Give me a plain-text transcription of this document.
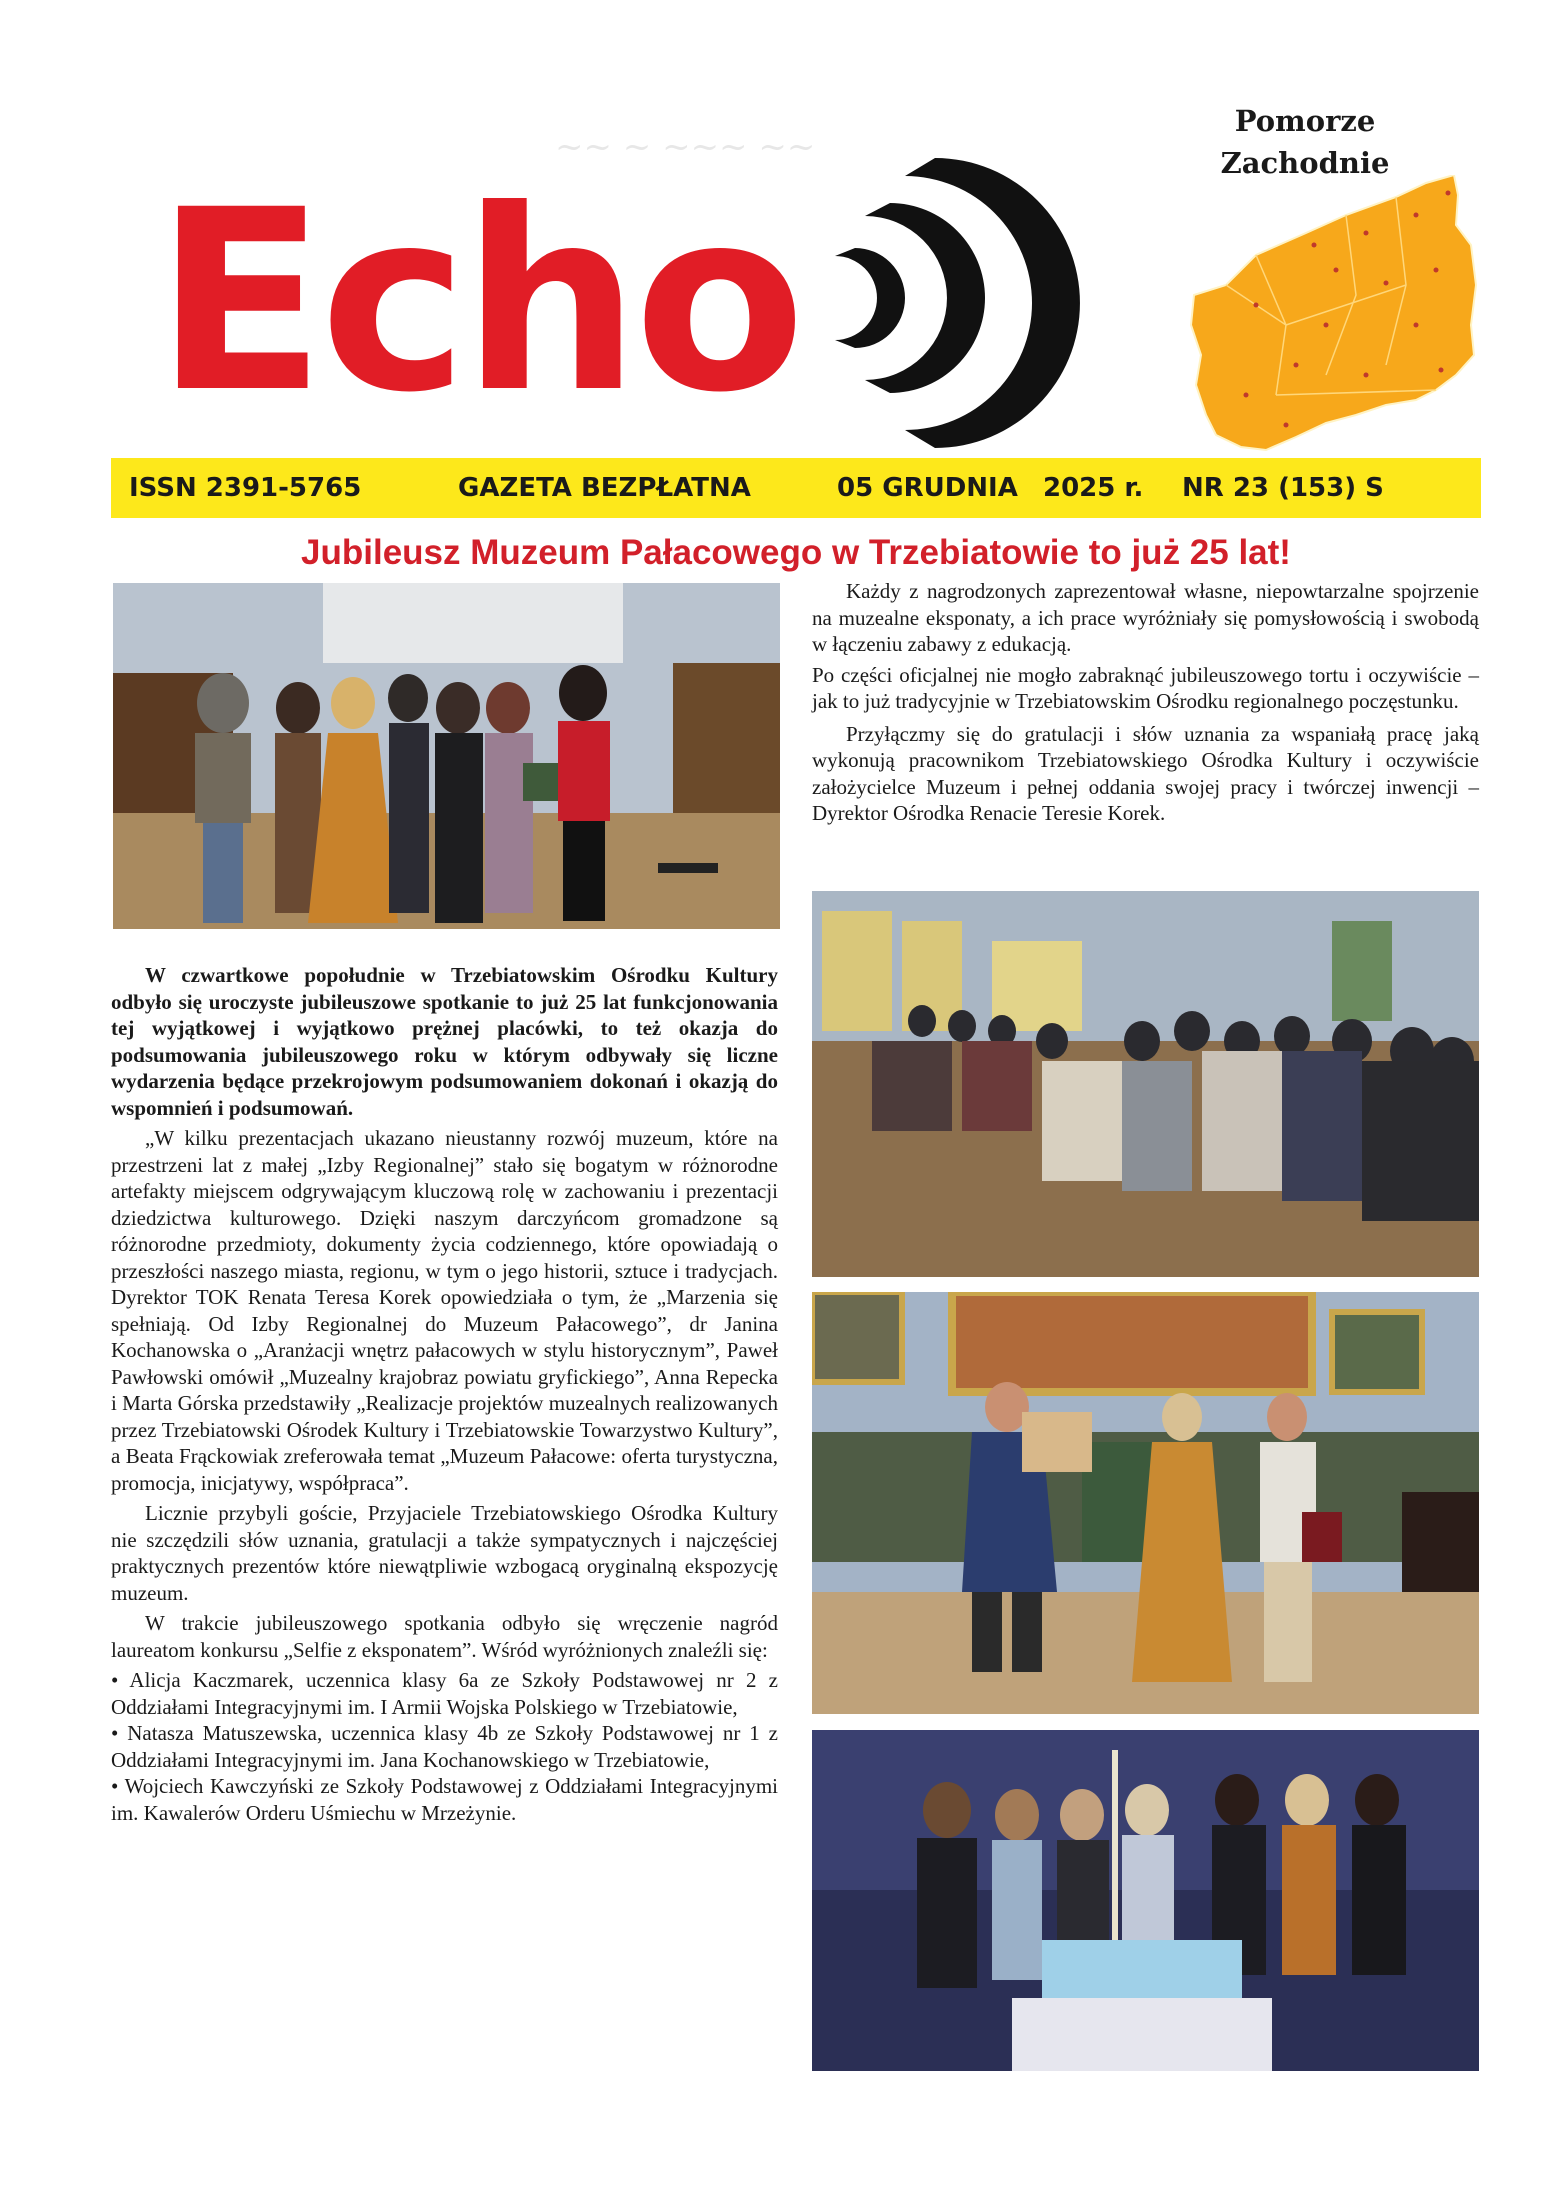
~~ ~ ~~~ ~~
Echo
Pomorze
Zachodnie
ISSN 2391-5765	GAZETA BEZPŁATNA	05 GRUDNIA 2025 r. NR 23 (153) S
Jubileusz Muzeum Pałacowego w Trzebiatowie to już 25 lat!

Każdy z nagrodzonych zaprezentował własne, niepowtarzalne spojrzenie na muzealne eksponaty, a ich prace wyróżniały się pomysłowością i swobodą w łączeniu zabawy z edukacją.

Po części oficjalnej nie mogło zabraknąć jubileuszowego tortu i oczywiście – jak to już tradycyjnie w Trzebiatowskim Ośrodku regionalnego poczęstunku.

Przyłączmy się do gratulacji i słów uznania za wspaniałą pracę jaką wykonują pracownikom Trzebiatowskiego Ośrodka Kultury i oczywiście założycielce Muzeum i pełnej oddania swojej pracy i twórczej inwencji – Dyrektor Ośrodka Renacie Teresie Korek.

W czwartkowe popołudnie w Trzebiatowskim Ośrodku Kultury odbyło się uroczyste jubileuszowe spotkanie to już 25 lat funkcjonowania tej wyjątkowej i wyjątkowo prężnej placówki, to też okazja do podsumowania jubileuszowego roku w którym odbywały się liczne wydarzenia będące przekrojowym podsumowaniem dokonań i okazją do wspomnień i podsumowań.

„W kilku prezentacjach ukazano nieustanny rozwój muzeum, które na przestrzeni lat z małej „Izby Regionalnej” stało się bogatym w różnorodne artefakty miejscem odgrywającym kluczową rolę w zachowaniu i prezentacji dziedzictwa kulturowego. Dzięki naszym darczyńcom gromadzone są różnorodne przedmioty, dokumenty życia codziennego, które opowiadają o przeszłości naszego miasta, regionu, w tym o jego historii, sztuce i tradycjach. Dyrektor TOK Renata Teresa Korek opowiedziała o tym, że „Marzenia się spełniają. Od Izby Regionalnej do Muzeum Pałacowego”, dr Janina Kochanowska o „Aranżacji wnętrz pałacowych w stylu historycznym”, Paweł Pawłowski omówił „Muzealny krajobraz powiatu gryfickiego”, Anna Repecka i Marta Górska przedstawiły „Realizacje projektów muzealnych realizowanych przez Trzebiatowski Ośrodek Kultury i Trzebiatowskie Towarzystwo Kultury”, a Beata Frąckowiak zreferowała temat „Muzeum Pałacowe: oferta turystyczna, promocja, inicjatywy, współpraca”.

Licznie przybyli goście, Przyjaciele Trzebiatowskiego Ośrodka Kultury nie szczędzili słów uznania, gratulacji a także sympatycznych i najczęściej praktycznych prezentów które niewątpliwie wzbogacą oryginalną ekspozycję muzeum.

W trakcie jubileuszowego spotkania odbyło się wręczenie nagród laureatom konkursu „Selfie z eksponatem”. Wśród wyróżnionych znaleźli się:

• Alicja Kaczmarek, uczennica klasy 6a ze Szkoły Podstawowej nr 2 z Oddziałami Integracyjnymi im. I Armii Wojska Polskiego w Trzebiatowie,

• Natasza Matuszewska, uczennica klasy 4b ze Szkoły Podstawowej nr 1 z Oddziałami Integracyjnymi im. Jana Kochanowskiego w Trzebiatowie,

• Wojciech Kawczyński ze Szkoły Podstawowej z Oddziałami Integracyjnymi im. Kawalerów Orderu Uśmiechu w Mrzeżynie.
